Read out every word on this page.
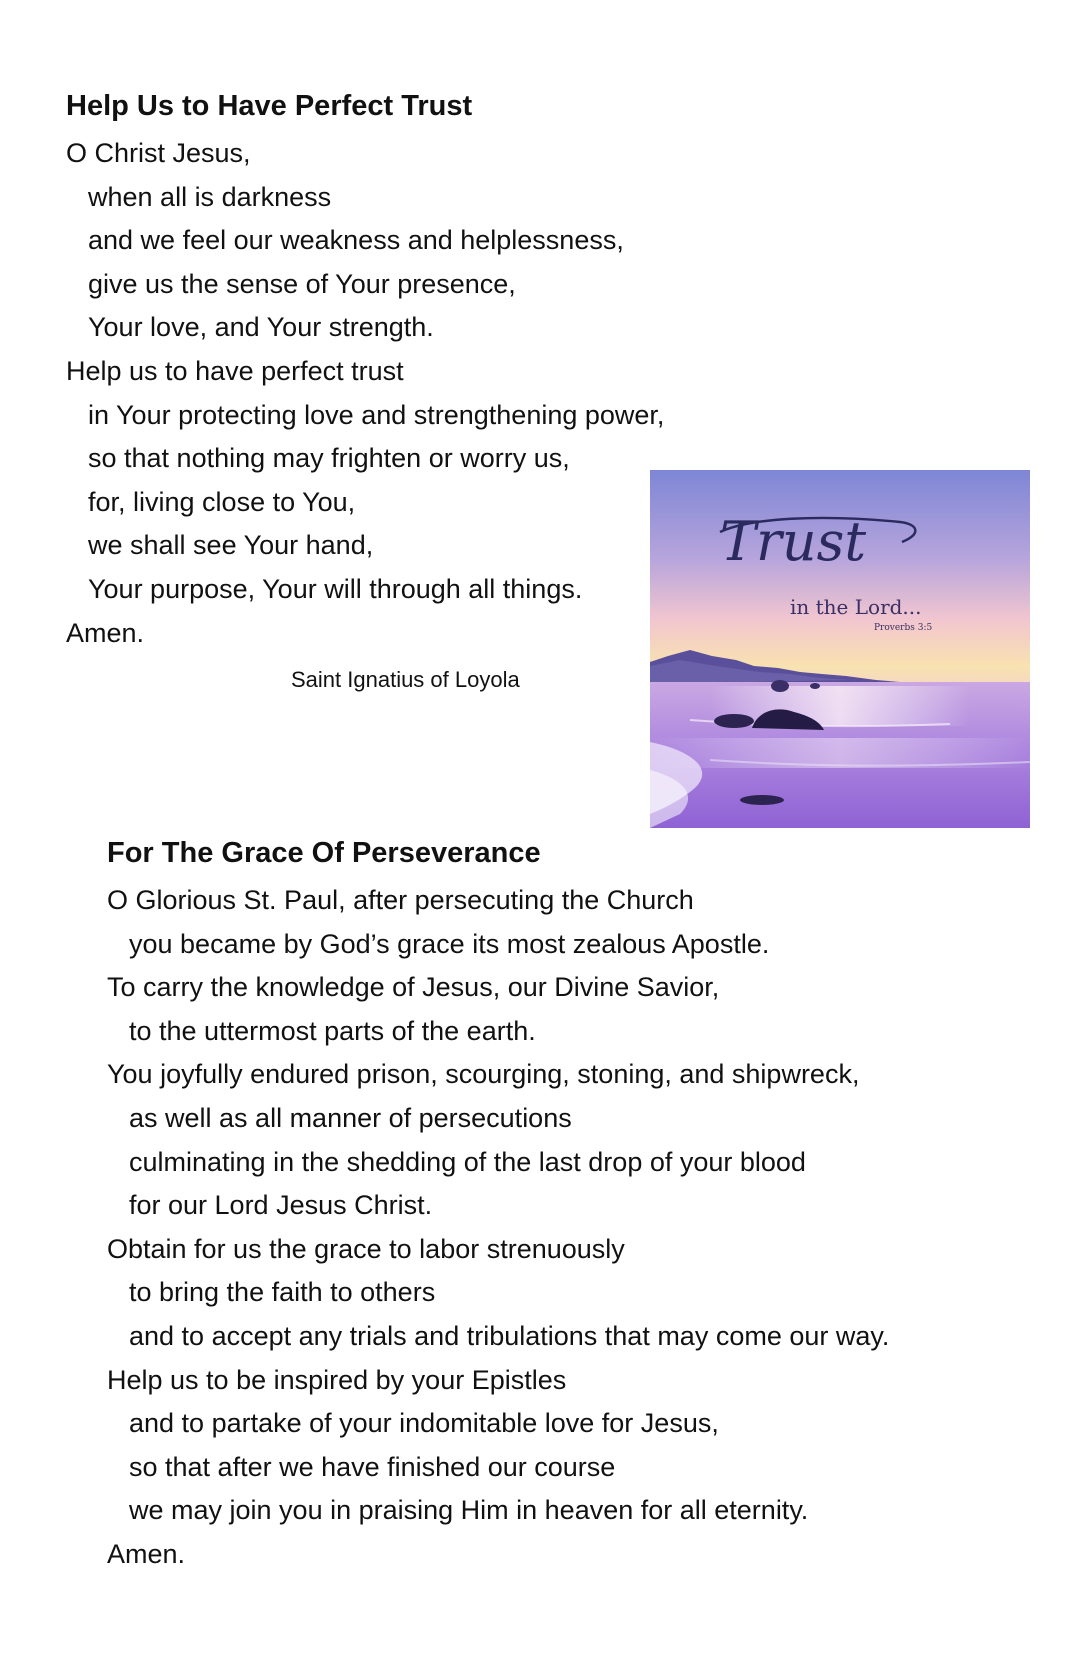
Help Us to Have Perfect Trust
O Christ Jesus,
when all is darkness
and we feel our weakness and helplessness,
give us the sense of Your presence,
Your love, and Your strength.
Help us to have perfect trust
in Your protecting love and strengthening power,
so that nothing may frighten or worry us,
for, living close to You,
we shall see Your hand,
Your purpose, Your will through all things.
Amen.
Saint Ignatius of Loyola
Trust
in the Lord...
Proverbs 3:5
For The Grace Of Perseverance
O Glorious St. Paul, after persecuting the Church
you became by God’s grace its most zealous Apostle.
To carry the knowledge of Jesus, our Divine Savior,
to the uttermost parts of the earth.
You joyfully endured prison, scourging, stoning, and shipwreck,
as well as all manner of persecutions
culminating in the shedding of the last drop of your blood
for our Lord Jesus Christ.
Obtain for us the grace to labor strenuously
to bring the faith to others
and to accept any trials and tribulations that may come our way.
Help us to be inspired by your Epistles
and to partake of your indomitable love for Jesus,
so that after we have finished our course
we may join you in praising Him in heaven for all eternity.
Amen.
